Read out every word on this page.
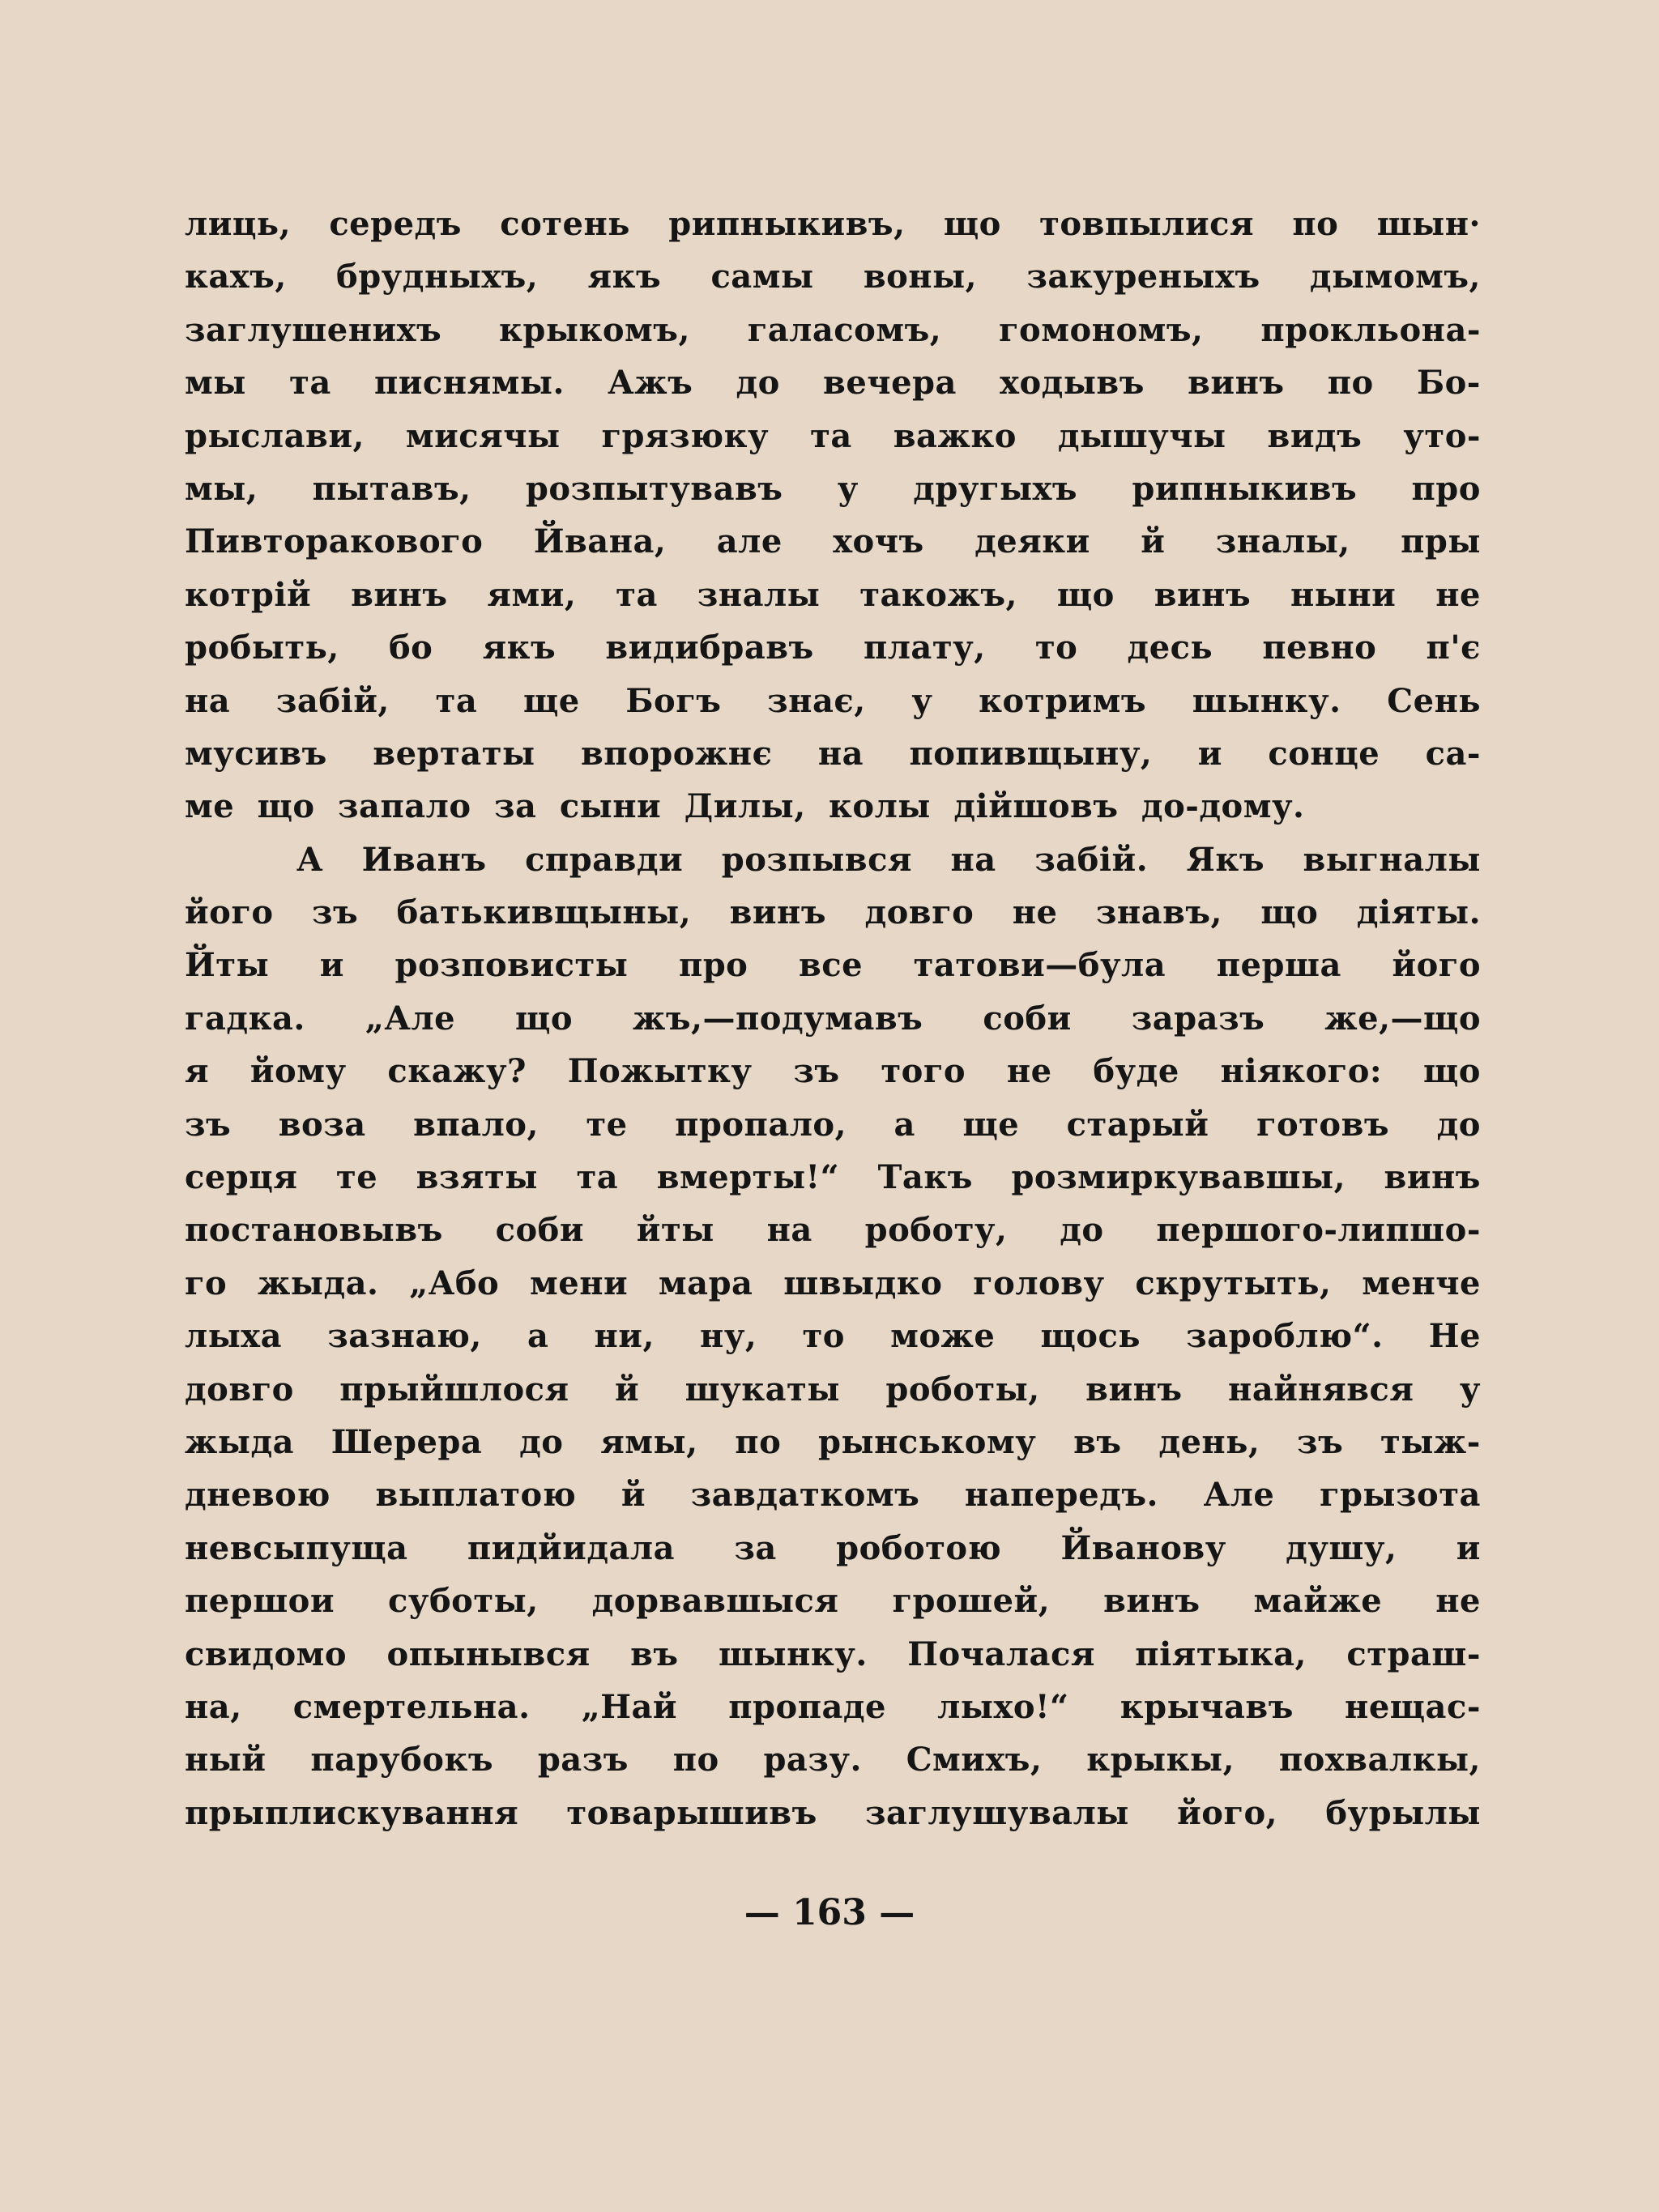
лиць, середъ сотень рипныкивъ, що товпылися по шын·
кахъ, брудныхъ, якъ самы воны, закуреныхъ дымомъ,
заглушенихъ крыкомъ, галасомъ, гомономъ, прокльона-
мы та писнямы. Ажъ до вечера ходывъ винъ по Бо-
рыслави, мисячы грязюку та важко дышучы видъ уто-
мы, пытавъ, розпытувавъ у другыхъ рипныкивъ про
Пивторакового Йвана, але хочъ деяки й зналы, пры
котрій винъ ями, та зналы такожъ, що винъ ныни не
робыть, бо якъ видибравъ плату, то десь певно п'є
на забій, та ще Богъ знає, у котримъ шынку. Сень
мусивъ вертаты впорожнє на попивщыну, и сонце са-
ме що запало за сыни Дилы, колы дійшовъ до-дому.
А Иванъ справди розпывся на забій. Якъ выгналы
його зъ батькивщыны, винъ довго не знавъ, що діяты.
Йты и розповисты про все татови—була перша його
гадка. „Але що жъ,—подумавъ соби заразъ же,—що
я йому скажу? Пожытку зъ того не буде нiякого: що
зъ воза впало, те пропало, а ще старый готовъ до
серця те взяты та вмерты!“ Такъ розмиркувавшы, винъ
постановывъ соби йты на роботу, до першого-липшо-
го жыда. „Або мени мара швыдко голову скрутыть, менче
лыха зазнаю, а ни, ну, то може щось зароблю“. Не
довго прыйшлося й шукаты роботы, винъ найнявся у
жыда Шерера до ямы, по рынському въ день, зъ тыж-
дневою выплатою й завдаткомъ напередъ. Але грызота
невсыпуща пидйидала за роботою Йванову душу, и
першои суботы, дорвавшыся грошей, винъ майже не
свидомо опынывся въ шынку. Почалася піятыка, страш-
на, смертельна. „Най пропаде лыхо!“ крычавъ нещас-
ный парубокъ разъ по разу. Смихъ, крыкы, похвалкы,
прыплискування товарышивъ заглушувалы його, бурылы
— 163 —
